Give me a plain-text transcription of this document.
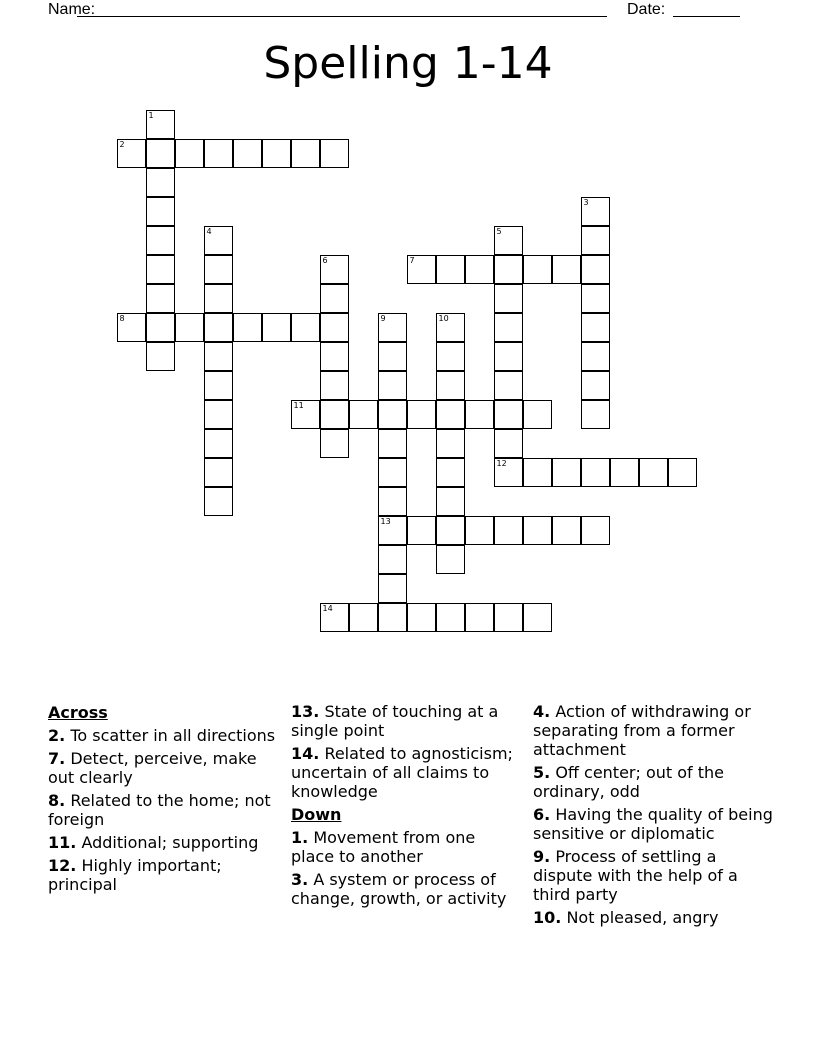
Name:	Date:
Spelling 1-14
2
7
8
11
12
13
14
1
3
4	5
6
9	10
Across
2. To scatter in all directions
7. Detect, perceive, make out clearly
8. Related to the home; not foreign
11. Additional; supporting
12. Highly important; principal
13. State of touching at a single point
14. Related to agnosticism; uncertain of all claims to knowledge
Down
1. Movement from one place to another
3. A system or process of change, growth, or activity
4. Action of withdrawing or separating from a former attachment
5. Off center; out of the ordinary, odd
6. Having the quality of being sensitive or diplomatic
9. Process of settling a dispute with the help of a third party
10. Not pleased, angry
